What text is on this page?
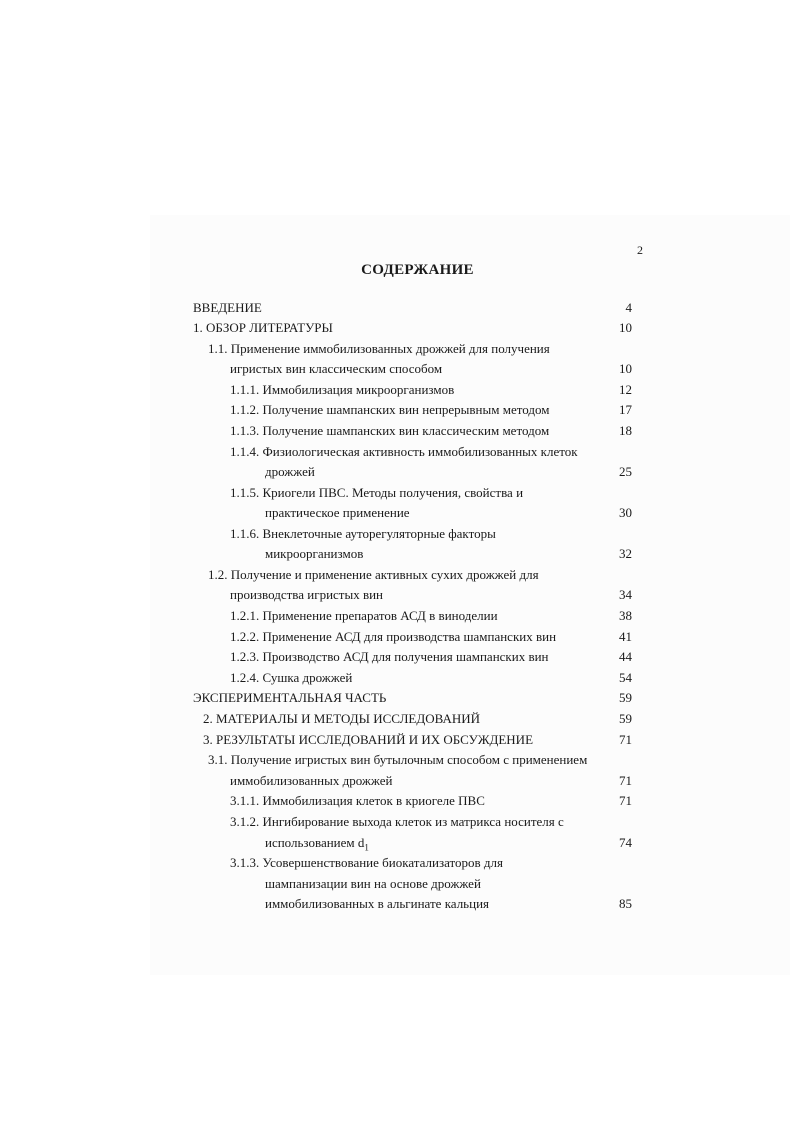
2
СОДЕРЖАНИЕ
ВВЕДЕНИЕ	4
1. ОБЗОР ЛИТЕРАТУРЫ	10
1.1. Применение иммобилизованных дрожжей для получения
игристых вин классическим способом	10
1.1.1. Иммобилизация микроорганизмов	12
1.1.2. Получение шампанских вин непрерывным методом	17
1.1.3. Получение шампанских вин классическим методом	18
1.1.4. Физиологическая активность иммобилизованных клеток
дрожжей	25
1.1.5. Криогели ПВС. Методы получения, свойства и
практическое применение	30
1.1.6. Внеклеточные ауторегуляторные факторы
микроорганизмов	32
1.2. Получение и применение активных сухих дрожжей для
производства игристых вин	34
1.2.1. Применение препаратов АСД в виноделии	38
1.2.2. Применение АСД для производства шампанских вин	41
1.2.3. Производство АСД для получения шампанских вин	44
1.2.4. Сушка дрожжей	54
ЭКСПЕРИМЕНТАЛЬНАЯ ЧАСТЬ	59
2. МАТЕРИАЛЫ И МЕТОДЫ ИССЛЕДОВАНИЙ	59
3. РЕЗУЛЬТАТЫ ИССЛЕДОВАНИЙ И ИХ ОБСУЖДЕНИЕ	71
3.1. Получение игристых вин бутылочным способом с применением
иммобилизованных дрожжей	71
3.1.1. Иммобилизация клеток в криогеле ПВС	71
3.1.2. Ингибирование выхода клеток из матрикса носителя с
использованием $d_1$	74
3.1.3. Усовершенствование биокатализаторов для
шампанизации вин на основе дрожжей
иммобилизованных в альгинате кальция	85
